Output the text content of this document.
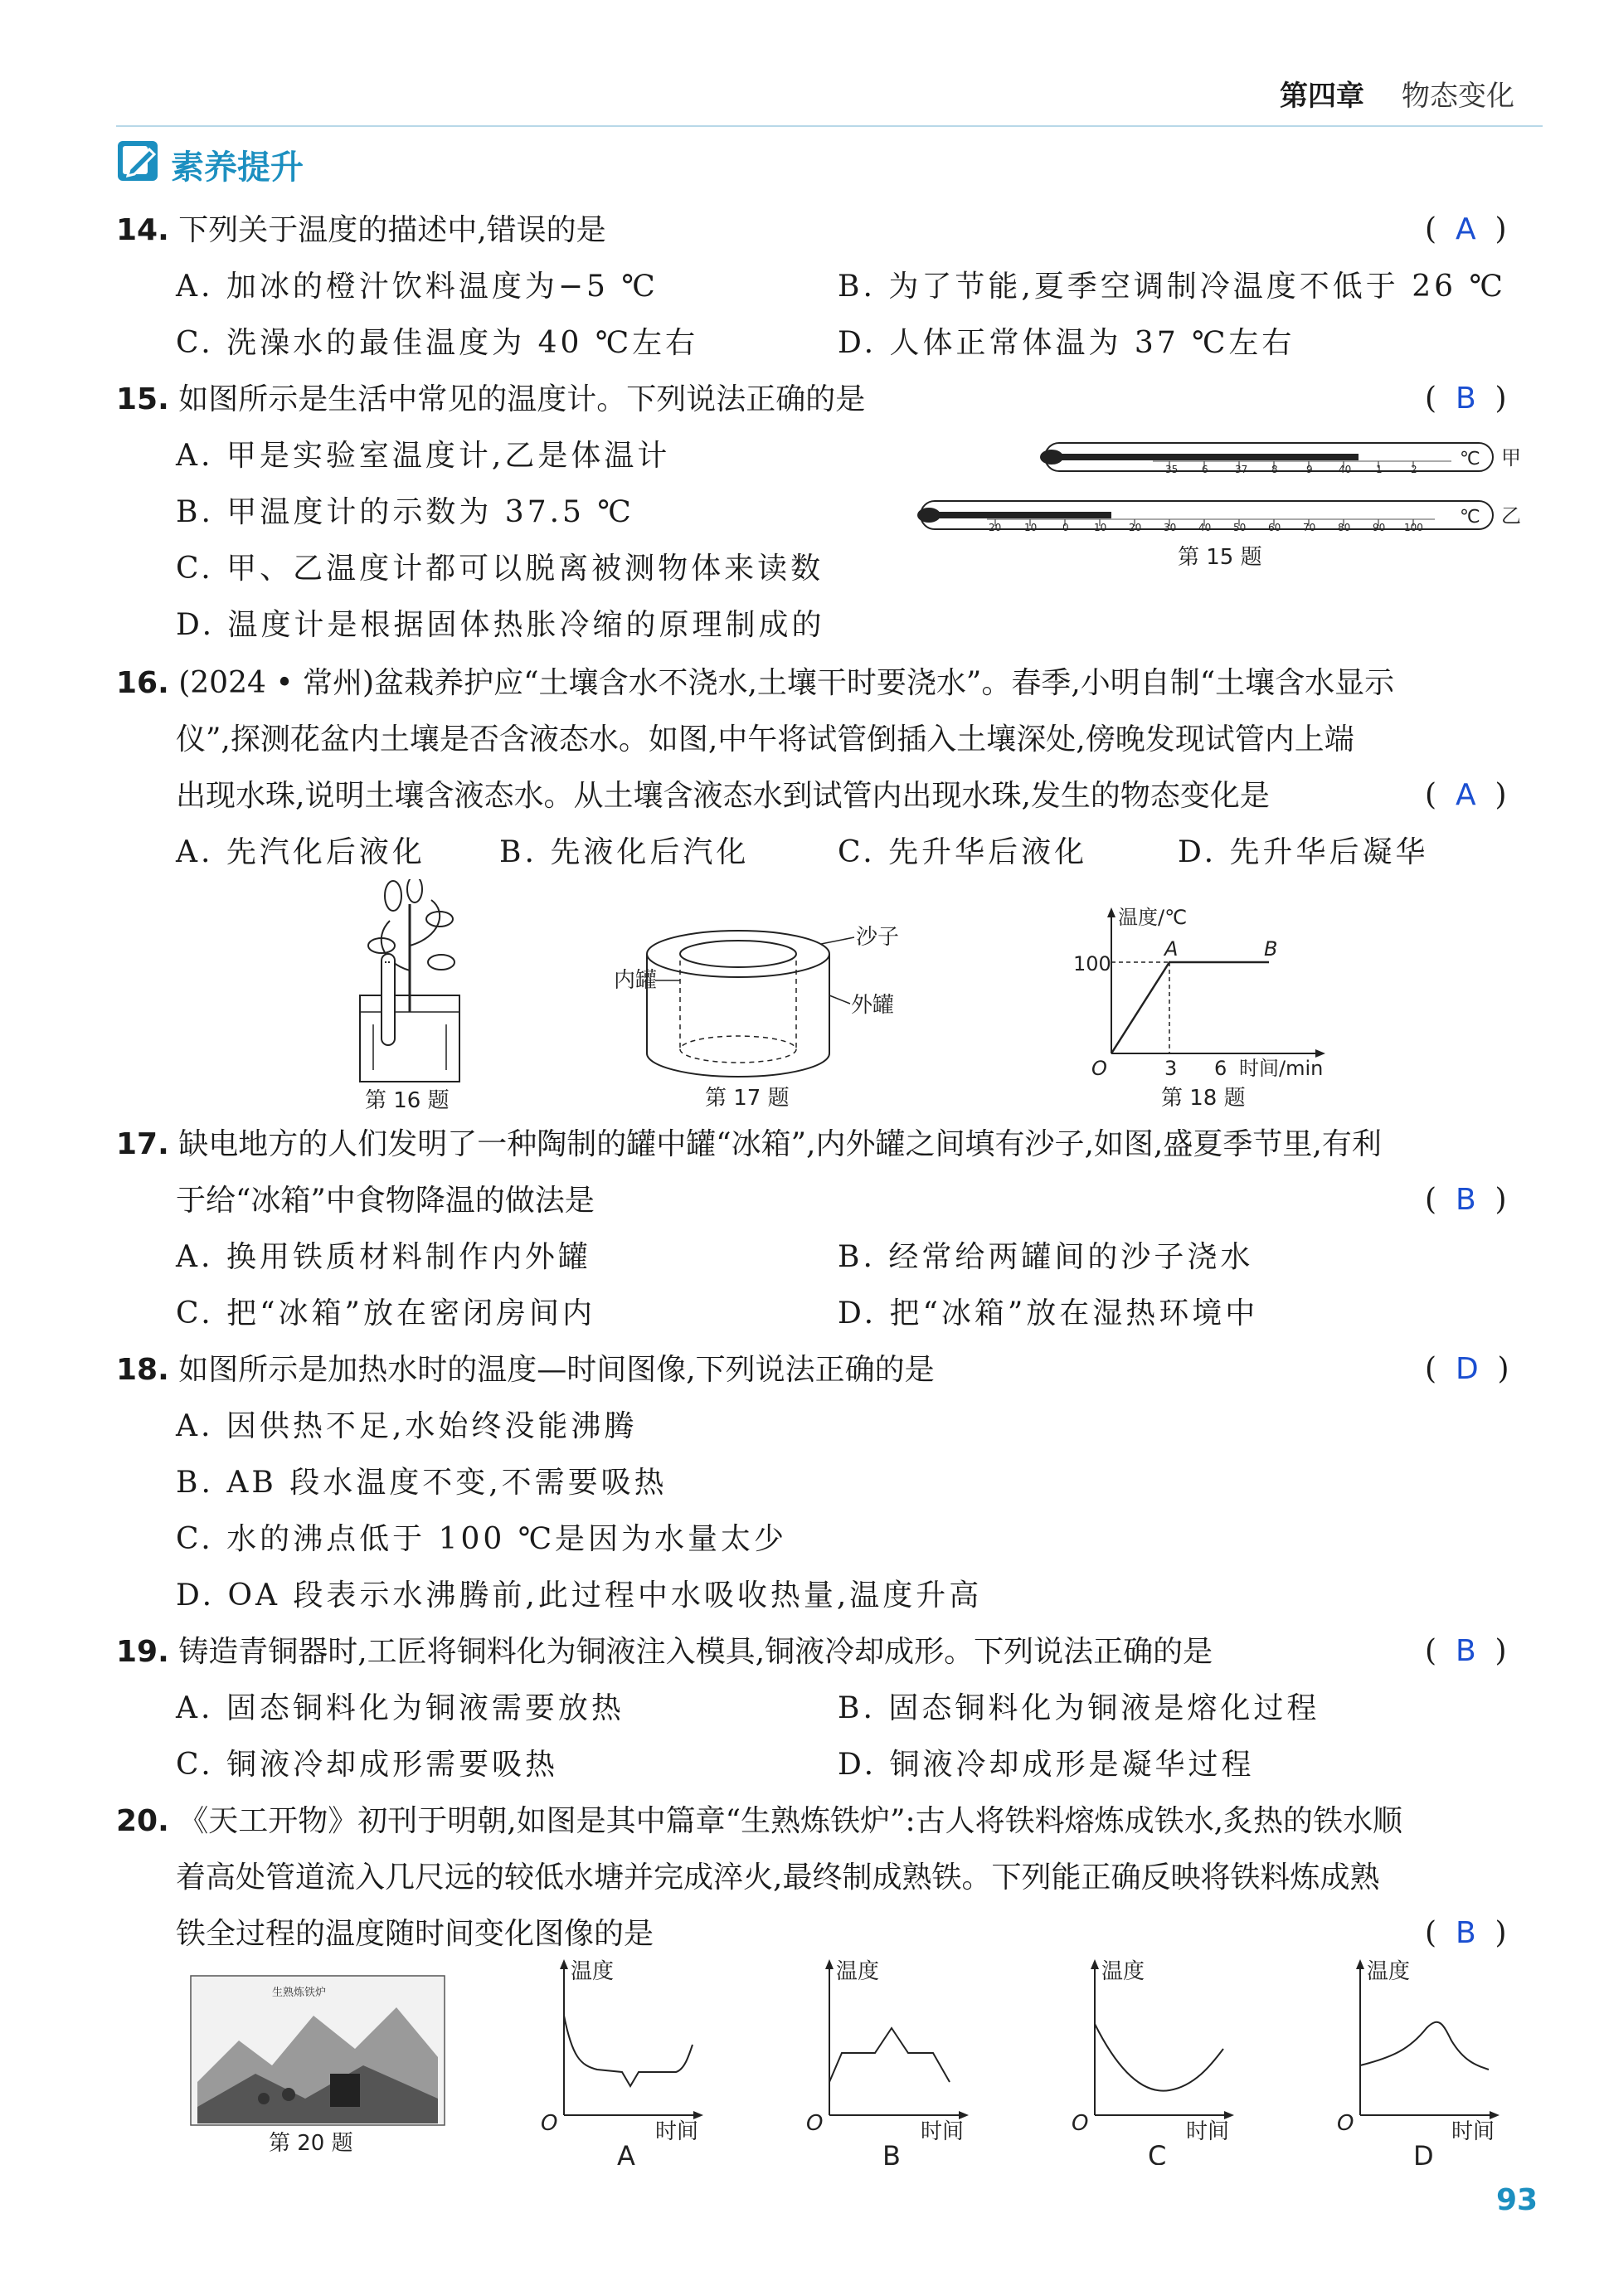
第四章 物态变化
素养提升
14. 下列关于温度的描述中,错误的是	(  A  )
A. 加冰的橙汁饮料温度为−5 ℃	B. 为了节能,夏季空调制冷温度不低于 26 ℃
C. 洗澡水的最佳温度为 40 ℃左右	D. 人体正常体温为 37 ℃左右
15. 如图所示是生活中常见的温度计。下列说法正确的是	(  B  )
A. 甲是实验室温度计,乙是体温计
B. 甲温度计的示数为 37.5 ℃
C. 甲、乙温度计都可以脱离被测物体来读数
D. 温度计是根据固体热胀冷缩的原理制成的
35 6	37 8	9	40 1	2 ℃ 甲
20 10	0	10 20 30 40 50 60 70 80 90 100 ℃ 乙
第 15 题
16. (2024 • 常州)盆栽养护应“土壤含水不浇水,土壤干时要浇水”。春季,小明自制“土壤含水显示
仪”,探测花盆内土壤是否含液态水。如图,中午将试管倒插入土壤深处,傍晚发现试管内上端
出现水珠,说明土壤含液态水。从土壤含液态水到试管内出现水珠,发生的物态变化是	(  A  )
A. 先汽化后液化 B. 先液化后汽化	C. 先升华后液化	D. 先升华后凝华
第 16 题
沙子
内罐
外罐
第 17 题
温度/℃
100
A	B
O	3 6 时间/min
第 18 题
17. 缺电地方的人们发明了一种陶制的罐中罐“冰箱”,内外罐之间填有沙子,如图,盛夏季节里,有利
于给“冰箱”中食物降温的做法是	(  B  )
A. 换用铁质材料制作内外罐	B. 经常给两罐间的沙子浇水
C. 把“冰箱”放在密闭房间内	D. 把“冰箱”放在湿热环境中
18. 如图所示是加热水时的温度—时间图像,下列说法正确的是	(  D  )
A. 因供热不足,水始终没能沸腾
B. AB 段水温度不变,不需要吸热
C. 水的沸点低于 100 ℃是因为水量太少
D. OA 段表示水沸腾前,此过程中水吸收热量,温度升高
19. 铸造青铜器时,工匠将铜料化为铜液注入模具,铜液冷却成形。下列说法正确的是	(  B  )
A. 固态铜料化为铜液需要放热	B. 固态铜料化为铜液是熔化过程
C. 铜液冷却成形需要吸热	D. 铜液冷却成形是凝华过程
20. 《天工开物》初刊于明朝,如图是其中篇章“生熟炼铁炉”:古人将铁料熔炼成铁水,炙热的铁水顺
着高处管道流入几尺远的较低水塘并完成淬火,最终制成熟铁。下列能正确反映将铁料炼成熟
铁全过程的温度随时间变化图像的是	(  B  )
生熟炼铁炉
第 20 题
温度
O	时间
A
温度
O	时间
B
温度
O	时间
C
温度
O	时间
D
93
